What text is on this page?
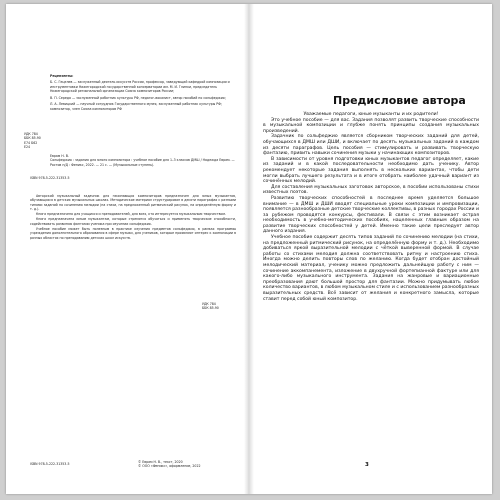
Рецензенты:

Б. С. Гецелев — заслуженный деятель искусств России, профессор, заведующий кафедрой композиции и инструментовки Нижегородской государственной консерватории им. М. И. Глинки, председатель Нижегородской региональной организации Союза композиторов России;

В. П. Середа — заслуженный работник культуры РФ, педагог-вокалист, автор пособий по сольфеджио;

Л. А. Левицкий — научный сотрудник Государственного музея, заслуженный работник культуры РФ; композитор, член Союза композиторов РФ

УДК 784
ББК 85.90
Е74 Б62
Е24
Еврам Н. В.
Сольфеджио : задания для юного композитора : учебное пособие для 1–3 классов ДМШ / Надежда Еврам. — Ростов н/Д : Феникс, 2022. — 21 с. — (Музыкальные ступень).
ISBN 978-5-222-31353-5

Авторский музыкальный задачник для начинающих композиторов предназначен для юных музыкантов, обучающихся в детских музыкальных школах. Методическое материал структурирован в десяти параграфах с разными типами заданий по сочинению мелодии (на стихи, на предложенный ритмический рисунок, на определённую форму и т. д.).

Книга предназначена для учащихся и преподавателей, для всех, кто интересуется музыкальным творчеством.

Книга предназначена юным музыкантам, которые стремятся обучаться и применять творческие способности, содействовать развитию фантазии ученика при изучении сольфеджио.

Учебное пособие может быть полезным в практике изучения предметов сольфеджио, в рамках программы учреждения дополнительного образования в сфере музыки, для учеников, которые проявляют интерес к композиции в разных областях по преподаванию детских школ искусств.

УДК 784
ББК 85.90
ISBN 978-5-222-31353-5	© Еврам Н. В., текст, 2020
© ООО «Феникс», оформление, 2022
Предисловие автора

Уважаемые педагоги, юные музыканты и их родители!

Это учебное пособие — для вас. Задания позволят развить творческие способности в музыкальной композиции и глубже понять принципы создания музыкальных произведений.

Задачник по сольфеджио является сборником творческих заданий для детей, обучающихся в ДМШ или ДШИ, и включает по десять музыкальных заданий в каждом из десяти параграфов. Цель пособия — стимулировать и развивать творческую фантазию, привить навыки сочинения музыки у начинающих композиторов.

В зависимости от уровня подготовки юных музыкантов педагог определяет, какие из заданий и в какой последовательности необходимо дать ученику. Автор рекомендует некоторые задания выполнять в нескольких вариантах, чтобы дети могли выбрать лучшего результата и в итоге отобрать наиболее удачный вариант из сочинённых мелодий.

Для составления музыкальных заготовок авторское, в пособии использованы стихи известных поэтов.

Развитию творческих способностей в последнее время уделяется большое внимание — в ДМШ и ДШИ вводят специальные уроки композиции и импровизации, появляется разнообразные детские творческие коллективы, в разных городах России и за рубежом проводятся конкурсы, фестивали. В связи с этим возникает острая необходимость в учебно-методических пособиях, нацеленных главным образом на развитие творческих способностей у детей. Именно такие цели преследует автор данного издания.

Учебное пособие содержит десять типов заданий по сочинению мелодии (на стихи, на предложенный ритмический рисунок, на определённую форму и т. д.). Необходимо добиваться яркой выразительной мелодии с чёткой выверенной формой. В случае работы со стихами мелодия должна соответствовать ритму и настроению стиха. Иногда можно делить повторы слов по желанию. Когда будет отобран достойный мелодический материал, ученику можно предложить дальнейшую работу с ним — сочинение аккомпанемента, изложение в двухручной фортепианной фактуре или для какого-либо музыкального инструмента. Задания на жанровые и вариационные преобразования дают большой простор для фантазии. Можно придумывать любое количество вариантов, в любом музыкальном стиле и с использованием разнообразных выразительных средств. Всё зависит от желания и конкретного замысла, которые ставит перед собой юный композитор.

3
